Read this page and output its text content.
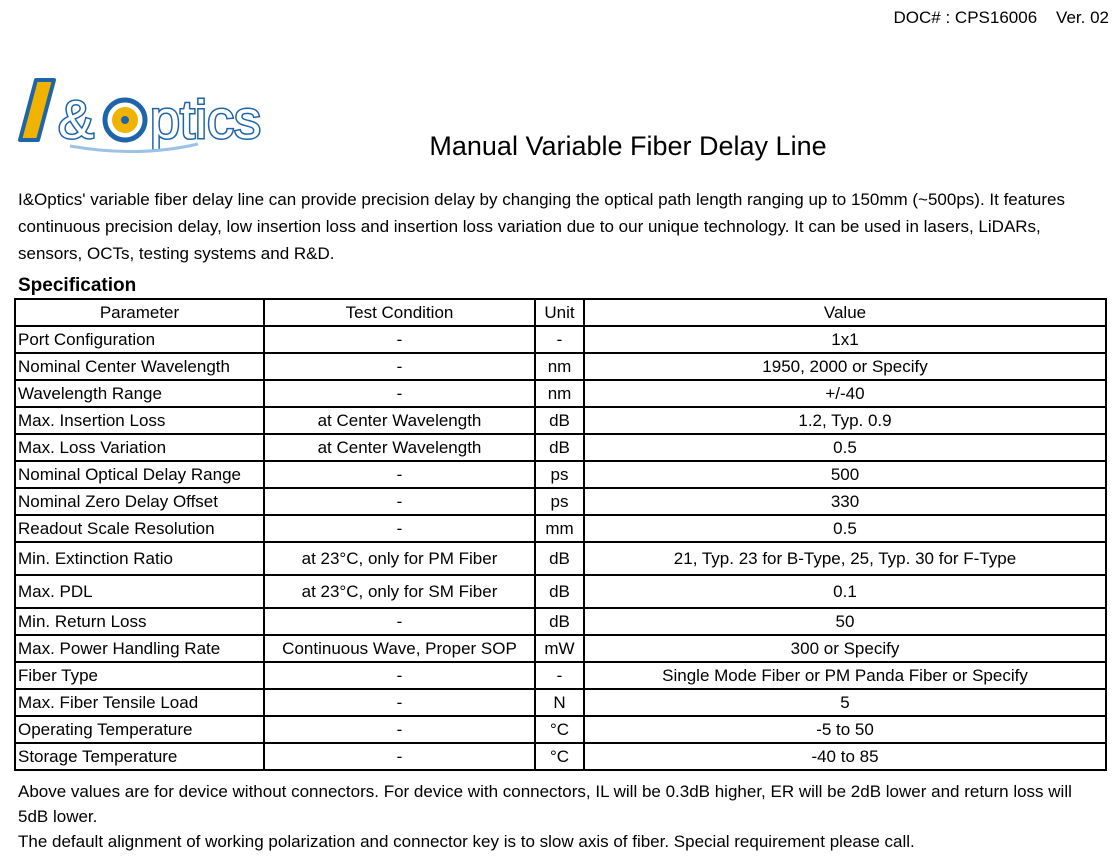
DOC# : CPS16006    Ver. 02
& ptics	Manual Variable Fiber Delay Line
I&Optics' variable fiber delay line can provide precision delay by changing the optical path length ranging up to 150mm (~500ps). It features continuous precision delay, low insertion loss and insertion loss variation due to our unique technology. It can be used in lasers, LiDARs, sensors, OCTs, testing systems and R&D.
Specification
Parameter	Test Condition	Unit	Value
Port Configuration	-	-	1x1
Nominal Center Wavelength	-	nm	1950, 2000 or Specify
Wavelength Range	-	nm	+/-40
Max. Insertion Loss	at Center Wavelength	dB	1.2, Typ. 0.9
Max. Loss Variation	at Center Wavelength	dB	0.5
Nominal Optical Delay Range	-	ps	500
Nominal Zero Delay Offset	-	ps	330
Readout Scale Resolution	-	mm	0.5
Min. Extinction Ratio	at 23°C, only for PM Fiber	dB	21, Typ. 23 for B-Type, 25, Typ. 30 for F-Type
Max. PDL	at 23°C, only for SM Fiber	dB	0.1
Min. Return Loss	-	dB	50
Max. Power Handling Rate	Continuous Wave, Proper SOP	mW	300 or Specify
Fiber Type	-	-	Single Mode Fiber or PM Panda Fiber or Specify
Max. Fiber Tensile Load	-	N	5
Operating Temperature	-	°C	-5 to 50
Storage Temperature	-	°C	-40 to 85
Above values are for device without connectors. For device with connectors, IL will be 0.3dB higher, ER will be 2dB lower and return loss will 5dB lower.
The default alignment of working polarization and connector key is to slow axis of fiber. Special requirement please call.
